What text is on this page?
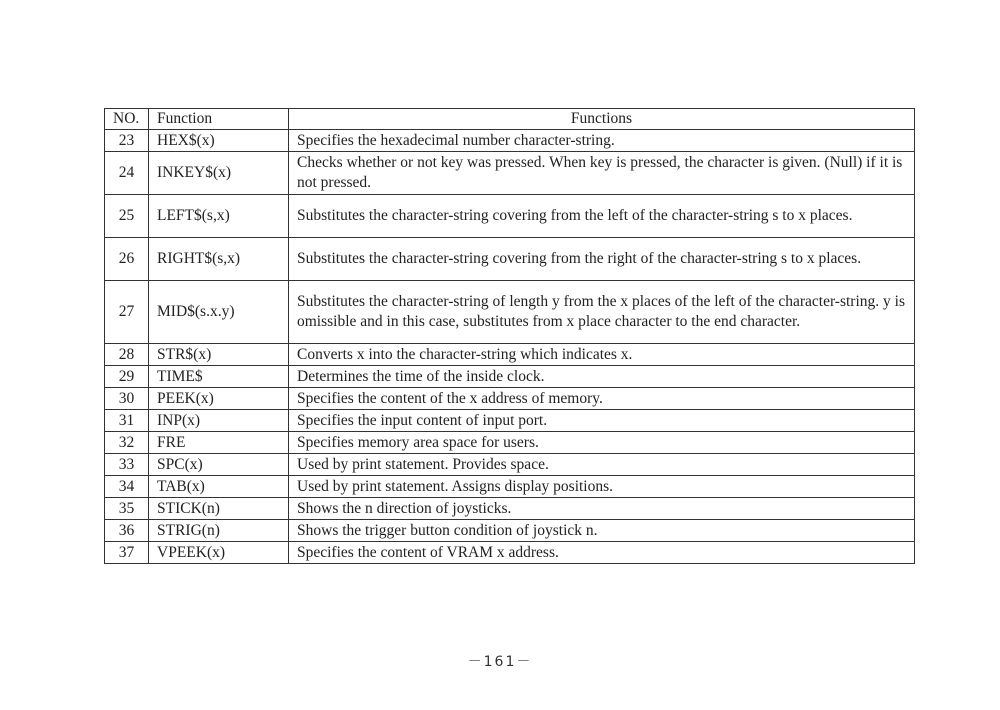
NO.	Function	Functions
23	HEX$(x)	Specifies the hexadecimal number character-string.
24	INKEY$(x)	Checks whether or not key was pressed. When key is pressed, the character is given. (Null) if it is not pressed.
25	LEFT$(s,x)	Substitutes the character-string covering from the left of the character-string s to x places.
26	RIGHT$(s,x)	Substitutes the character-string covering from the right of the character-string s to x places.
27	MID$(s.x.y)	Substitutes the character-string of length y from the x places of the left of the character-string. y is omissible and in this case, substitutes from x place character to the end character.
28	STR$(x)	Converts x into the character-string which indicates x.
29	TIME$	Determines the time of the inside clock.
30	PEEK(x)	Specifies the content of the x address of memory.
31	INP(x)	Specifies the input content of input port.
32	FRE	Specifies memory area space for users.
33	SPC(x)	Used by print statement. Provides space.
34	TAB(x)	Used by print statement. Assigns display positions.
35	STICK(n)	Shows the n direction of joysticks.
36	STRIG(n)	Shows the trigger button condition of joystick n.
37	VPEEK(x)	Specifies the content of VRAM x address.
－161－
